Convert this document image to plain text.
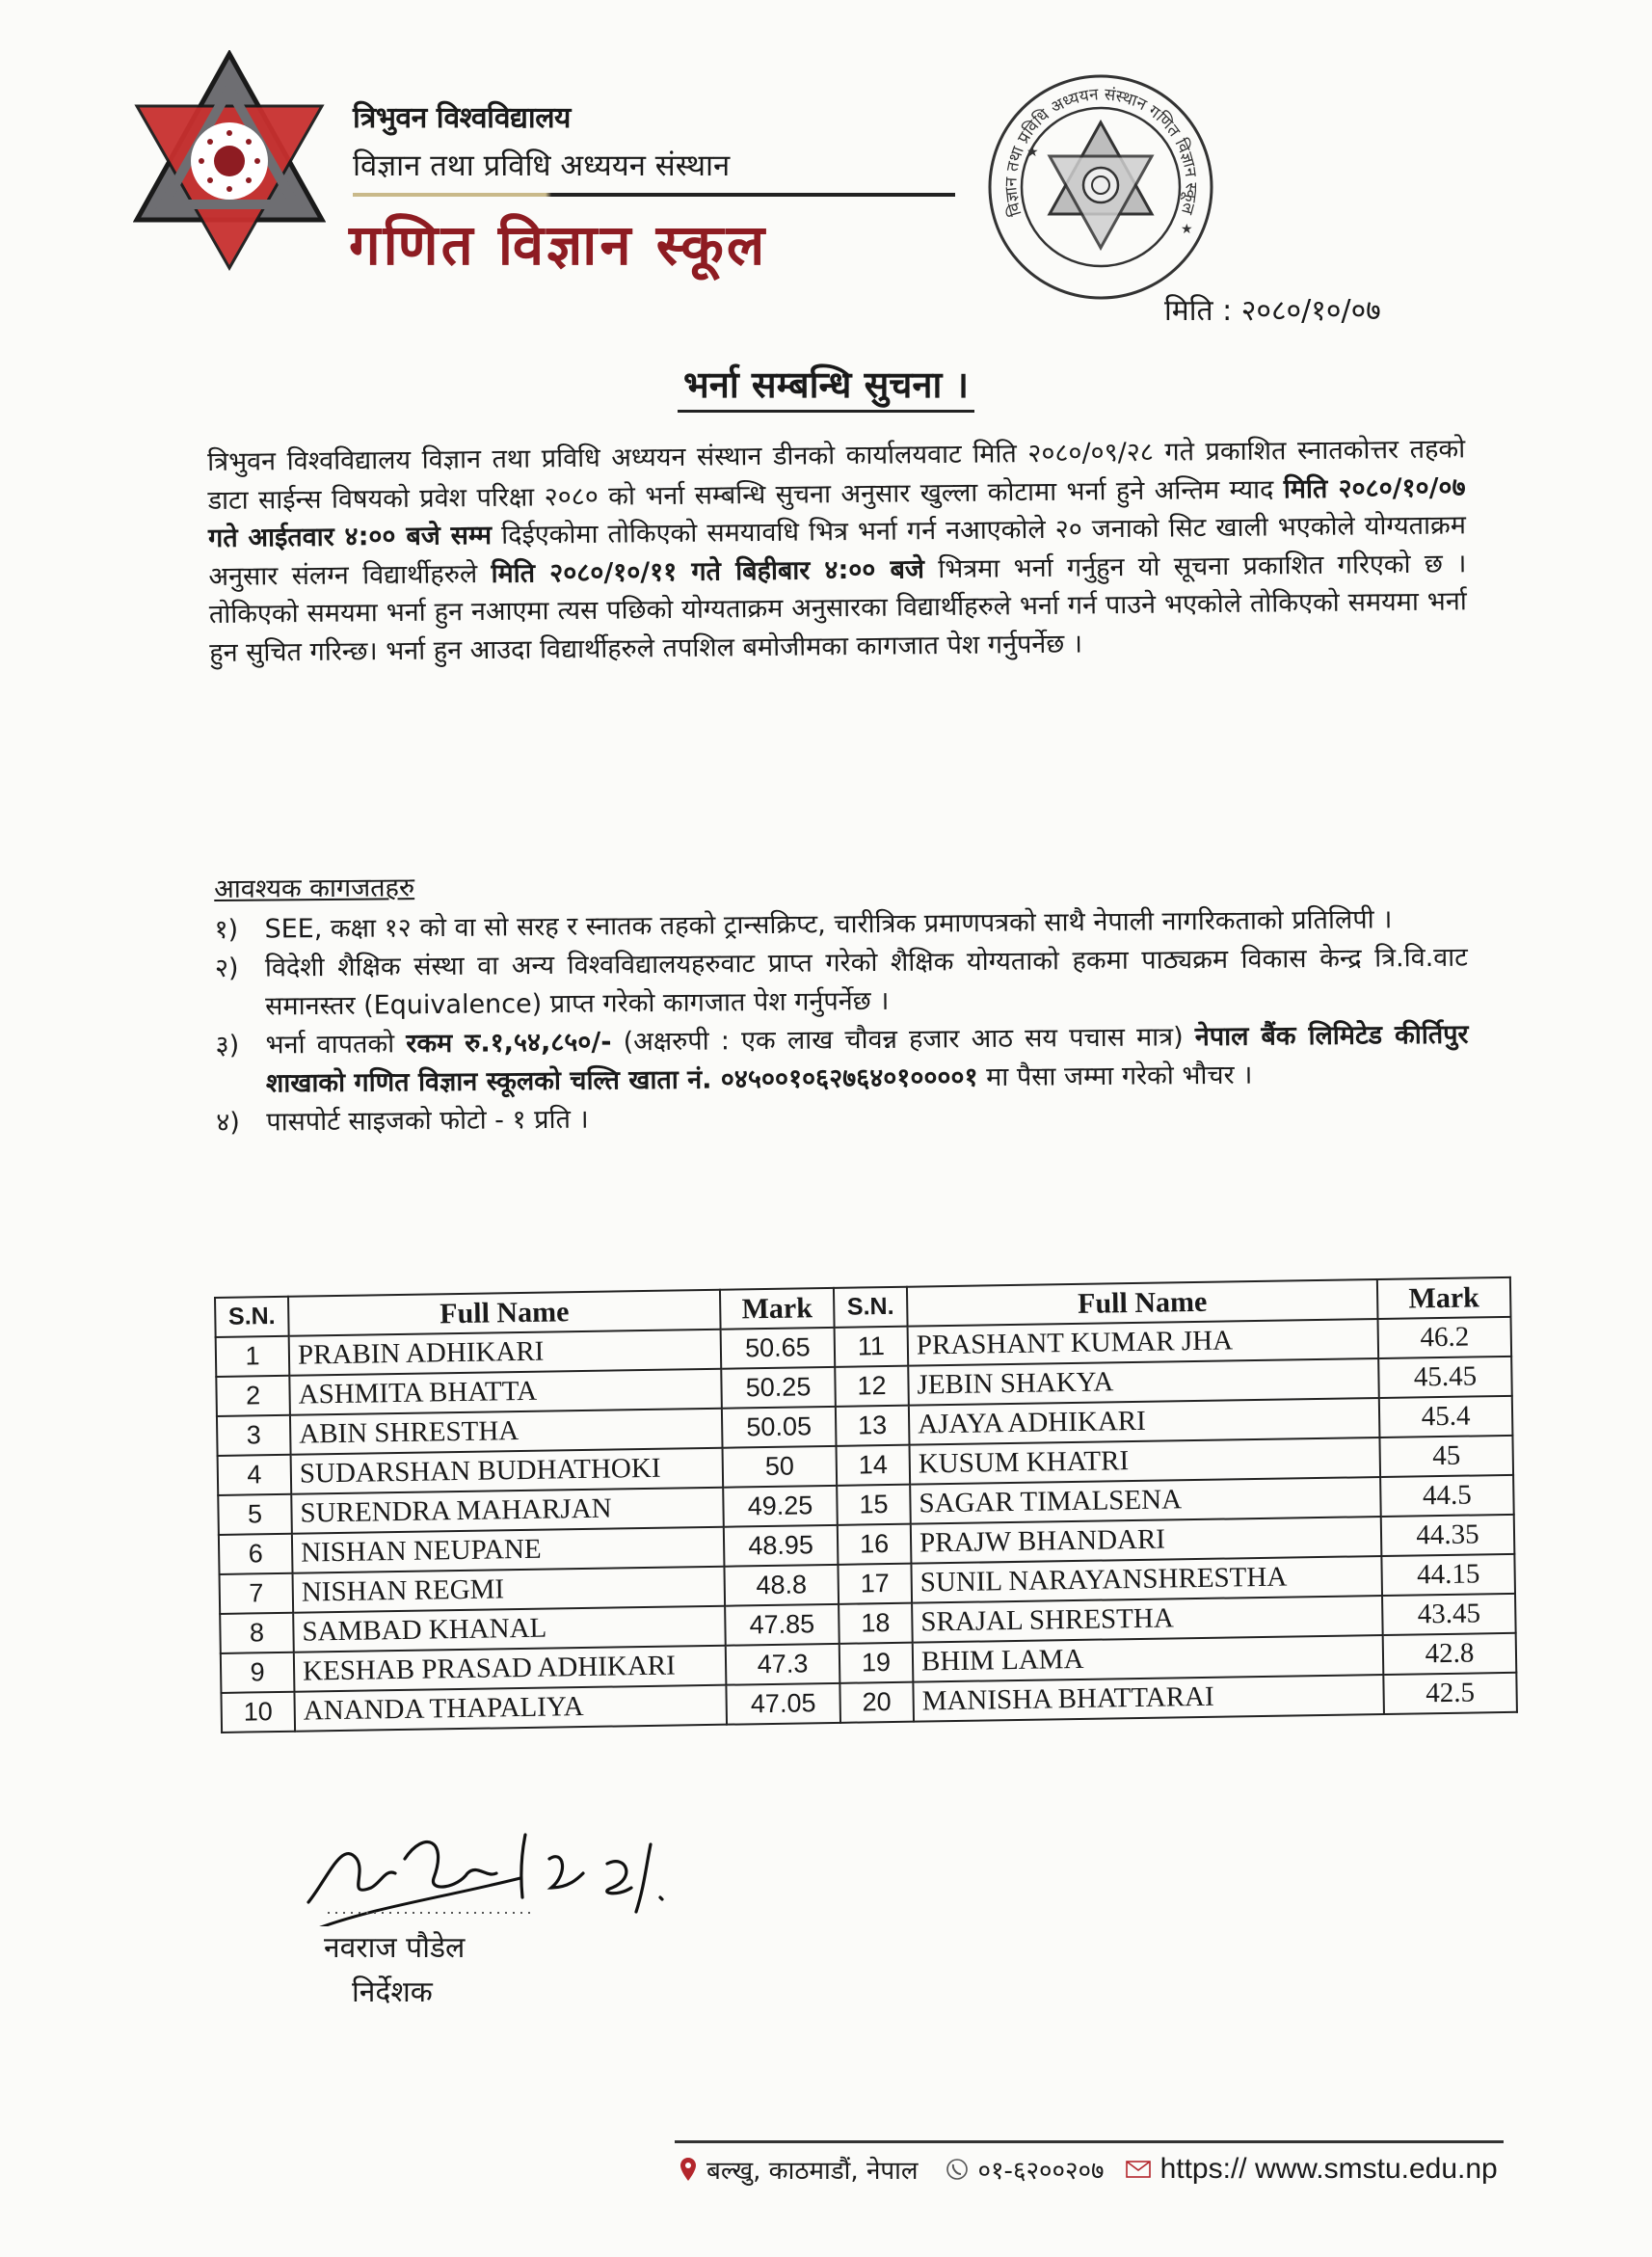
त्रिभुवन विश्वविद्यालय
विज्ञान तथा प्रविधि अध्ययन संस्थान
गणित विज्ञान स्कूल
★
★
विज्ञान तथा प्रविधि अध्ययन संस्थान गणित विज्ञान स्कूल
मिति : २०८०/१०/०७
भर्ना सम्बन्धि सुचना ।
त्रिभुवन विश्वविद्यालय विज्ञान तथा प्रविधि अध्ययन संस्थान डीनको कार्यालयवाट मिति २०८०/०९/२८ गते प्रकाशित स्नातकोत्तर तहको डाटा साईन्स विषयको प्रवेश परिक्षा २०८० को भर्ना सम्बन्धि सुचना अनुसार खुल्ला कोटामा भर्ना हुने अन्तिम म्याद मिति २०८०/१०/०७ गते आईतवार ४:०० बजे सम्म दिईएकोमा तोकिएको समयावधि भित्र भर्ना गर्न नआएकोले २० जनाको सिट खाली भएकोले योग्यताक्रम अनुसार संलग्न विद्यार्थीहरुले मिति २०८०/१०/११ गते बिहीबार ४:०० बजे भित्रमा भर्ना गर्नुहुन यो सूचना प्रकाशित गरिएको छ । तोकिएको समयमा भर्ना हुन नआएमा त्यस पछिको योग्यताक्रम अनुसारका विद्यार्थीहरुले भर्ना गर्न पाउने भएकोले तोकिएको समयमा भर्ना हुन सुचित गरिन्छ। भर्ना हुन आउदा विद्यार्थीहरुले तपशिल बमोजीमका कागजात पेश गर्नुपर्नेछ ।
आवश्यक कागजतहरु
१)	SEE, कक्षा १२ को वा सो सरह र स्नातक तहको ट्रान्सक्रिप्ट, चारीत्रिक प्रमाणपत्रको साथै नेपाली नागरिकताको प्रतिलिपी ।
२)	विदेशी शैक्षिक संस्था वा अन्य विश्वविद्यालयहरुवाट प्राप्त गरेको शैक्षिक योग्यताको हकमा पाठ्यक्रम विकास केन्द्र त्रि.वि.वाट समानस्तर (Equivalence) प्राप्त गरेको कागजात पेश गर्नुपर्नेछ ।
३)	भर्ना वापतको रकम रु.१,५४,८५०/- (अक्षरुपी : एक लाख चौवन्न हजार आठ सय पचास मात्र) नेपाल बैंक लिमिटेड कीर्तिपुर शाखाको गणित विज्ञान स्कूलको चल्ति खाता नं. ०४५००१०६२७६४०१००००१ मा पैसा जम्मा गरेको भौचर ।
४)	पासपोर्ट साइजको फोटो - १ प्रति ।
S.N.	Full Name	Mark	S.N.	Full Name	Mark
1	PRABIN ADHIKARI	50.65	11	PRASHANT KUMAR JHA	46.2
2	ASHMITA BHATTA	50.25	12	JEBIN SHAKYA	45.45
3	ABIN SHRESTHA	50.05	13	AJAYA ADHIKARI	45.4
4	SUDARSHAN BUDHATHOKI	50	14	KUSUM KHATRI	45
5	SURENDRA MAHARJAN	49.25	15	SAGAR TIMALSENA	44.5
6	NISHAN NEUPANE	48.95	16	PRAJW BHANDARI	44.35
7	NISHAN REGMI	48.8	17	SUNIL NARAYANSHRESTHA	44.15
8	SAMBAD KHANAL	47.85	18	SRAJAL SHRESTHA	43.45
9	KESHAB PRASAD ADHIKARI	47.3	19	BHIM LAMA	42.8
10	ANANDA THAPALIYA	47.05	20	MANISHA BHATTARAI	42.5
नवराज पौडेल
निर्देशक
बल्खु, काठमाडौं, नेपाल ०१-६२००२०७ https:// www.smstu.edu.np
